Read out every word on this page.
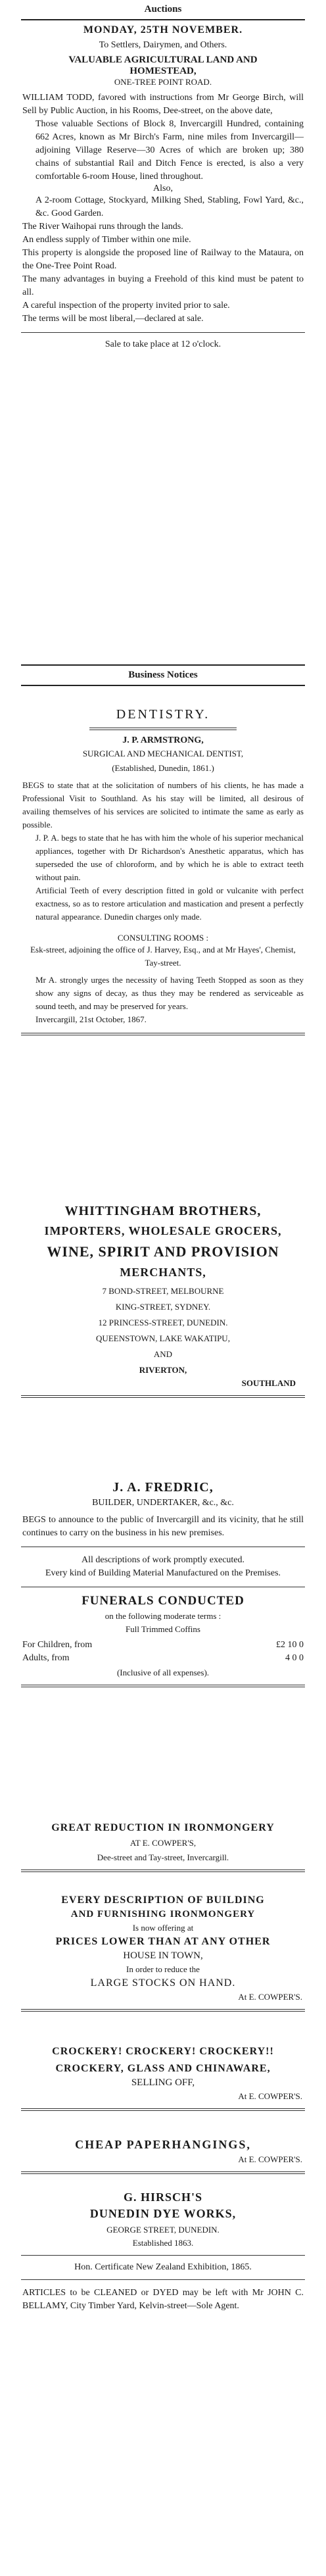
Auctions
MONDAY, 25TH NOVEMBER.
To Settlers, Dairymen, and Others.
VALUABLE AGRICULTURAL LAND AND
HOMESTEAD,
ONE-TREE POINT ROAD.

WILLIAM TODD, favored with instructions from Mr George Birch, will Sell by Public Auction, in his Rooms, Dee-street, on the above date,

Those valuable Sections of Block 8, Invercargill Hundred, containing 662 Acres, known as Mr Birch's Farm, nine miles from Invercargill—adjoining Village Reserve—30 Acres of which are broken up; 380 chains of substantial Rail and Ditch Fence is erected, is also a very comfortable 6-room House, lined throughout.

Also,

A 2-room Cottage, Stockyard, Milking Shed, Stabling, Fowl Yard, &c., &c. Good Garden.

The River Waihopai runs through the lands.

An endless supply of Timber within one mile.

This property is alongside the proposed line of Railway to the Mataura, on the One-Tree Point Road.

The many advantages in buying a Freehold of this kind must be patent to all.

A careful inspection of the property invited prior to sale.

The terms will be most liberal,—declared at sale.

Sale to take place at 12 o'clock.
Business Notices
DENTISTRY.
J. P. ARMSTRONG,
SURGICAL AND MECHANICAL DENTIST,
(Established, Dunedin, 1861.)

BEGS to state that at the solicitation of numbers of his clients, he has made a Professional Visit to Southland. As his stay will be limited, all desirous of availing themselves of his services are solicited to intimate the same as early as possible.

J. P. A. begs to state that he has with him the whole of his superior mechanical appliances, together with Dr Richardson's Anesthetic apparatus, which has superseded the use of chloroform, and by which he is able to extract teeth without pain.

Artificial Teeth of every description fitted in gold or vulcanite with perfect exactness, so as to restore articulation and mastication and present a perfectly natural appearance. Dunedin charges only made.

CONSULTING ROOMS :

Esk-street, adjoining the office of J. Harvey, Esq., and at Mr Hayes', Chemist, Tay-street.

Mr A. strongly urges the necessity of having Teeth Stopped as soon as they show any signs of decay, as thus they may be rendered as serviceable as sound teeth, and may be preserved for years.

Invercargill, 21st October, 1867.

WHITTINGHAM BROTHERS,
IMPORTERS, WHOLESALE GROCERS,
WINE, SPIRIT AND PROVISION
MERCHANTS,
7 BOND-STREET, MELBOURNE
KING-STREET, SYDNEY.
12 PRINCESS-STREET, DUNEDIN.
QUEENSTOWN, LAKE WAKATIPU,
AND
RIVERTON,
SOUTHLAND
J. A. FREDRIC,
BUILDER, UNDERTAKER, &c., &c.

BEGS to announce to the public of Invercargill and its vicinity, that he still continues to carry on the business in his new premises.

All descriptions of work promptly executed.

Every kind of Building Material Manufactured on the Premises.

FUNERALS CONDUCTED
on the following moderate terms :
Full Trimmed Coffins
For Children, from	£2 10 0
Adults, from	4 0 0
(Inclusive of all expenses).
GREAT REDUCTION IN IRONMONGERY
AT E. COWPER'S,
Dee-street and Tay-street, Invercargill.
EVERY DESCRIPTION OF BUILDING
AND FURNISHING IRONMONGERY
Is now offering at
PRICES LOWER THAN AT ANY OTHER
HOUSE IN TOWN,
In order to reduce the
LARGE STOCKS ON HAND.
At E. COWPER'S.
CROCKERY! CROCKERY! CROCKERY!!
CROCKERY, GLASS AND CHINAWARE,
SELLING OFF,
At E. COWPER'S.
CHEAP PAPERHANGINGS,
At E. COWPER'S.
G. HIRSCH'S
DUNEDIN DYE WORKS,
GEORGE STREET, DUNEDIN.
Established 1863.
Hon. Certificate New Zealand Exhibition, 1865.

ARTICLES to be CLEANED or DYED may be left with Mr JOHN C. BELLAMY, City Timber Yard, Kelvin-street—Sole Agent.
